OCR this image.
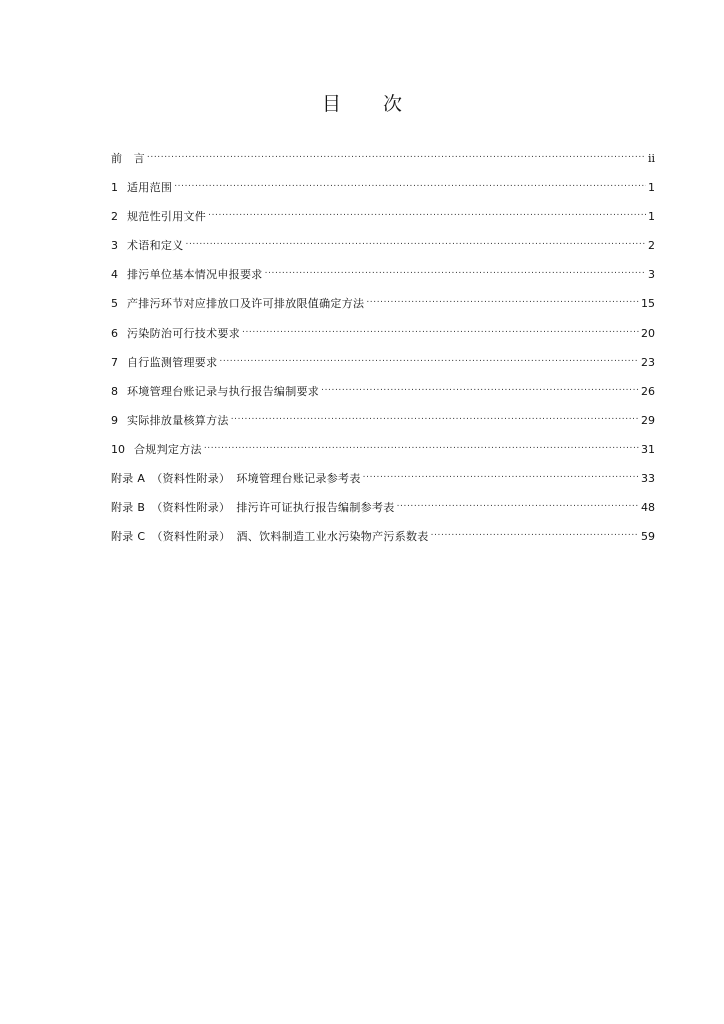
目 次
前　言 .....	ii
1 适用范围 .....	1
2 规范性引用文件 .....	1
3 术语和定义 .....	2
4 排污单位基本情况申报要求 .....	3
5 产排污环节对应排放口及许可排放限值确定方法 .....	15
6 污染防治可行技术要求 .....	20
7 自行监测管理要求 .....	23
8 环境管理台账记录与执行报告编制要求 .....	26
9 实际排放量核算方法 .....	29
10 合规判定方法 .....	31
附录 A （资料性附录） 环境管理台账记录参考表 .....	33
附录 B （资料性附录） 排污许可证执行报告编制参考表 .....	48
附录 C （资料性附录） 酒、饮料制造工业水污染物产污系数表 .....	59
